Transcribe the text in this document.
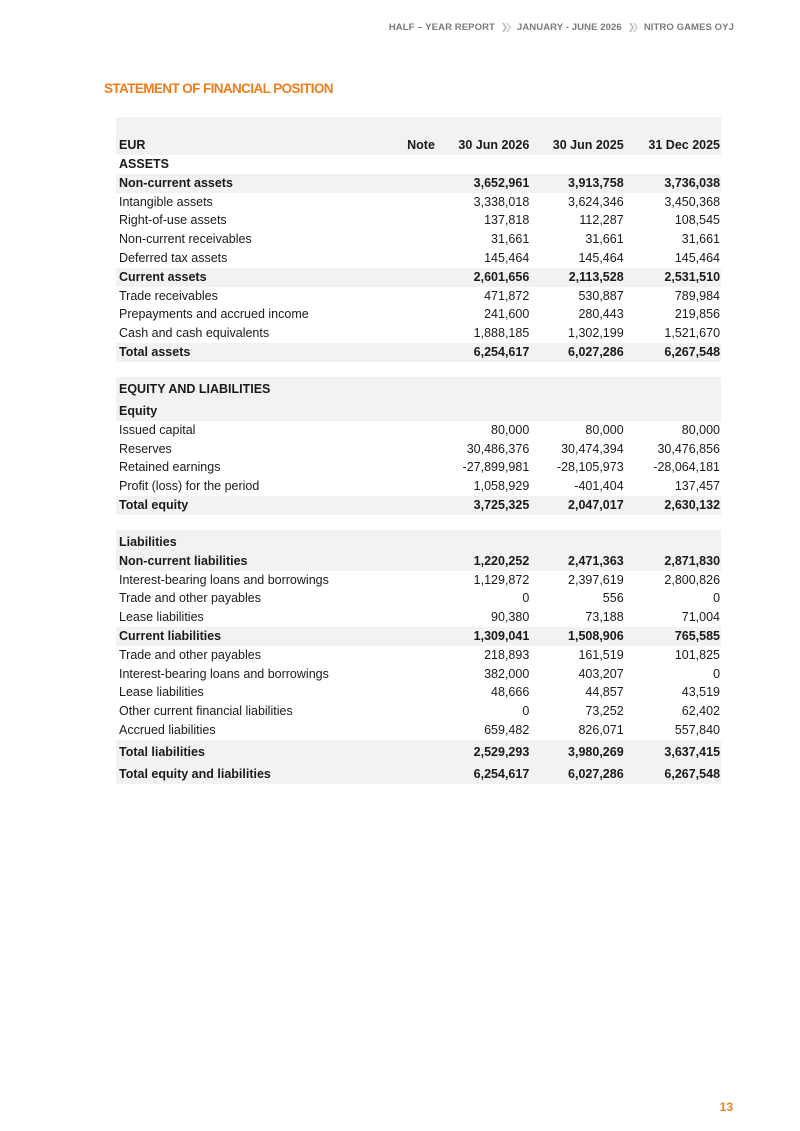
HALF – YEAR REPORT JANUARY - JUNE 2026 NITRO GAMES OYJ
STATEMENT OF FINANCIAL POSITION
EUR	Note	30 Jun 2026	30 Jun 2025	31 Dec 2025
ASSETS
Non-current assets	3,652,961	3,913,758	3,736,038
Intangible assets	3,338,018	3,624,346	3,450,368
Right-of-use assets	137,818	112,287	108,545
Non-current receivables	31,661	31,661	31,661
Deferred tax assets	145,464	145,464	145,464
Current assets	2,601,656	2,113,528	2,531,510
Trade receivables	471,872	530,887	789,984
Prepayments and accrued income	241,600	280,443	219,856
Cash and cash equivalents	1,888,185	1,302,199	1,521,670
Total assets	6,254,617	6,027,286	6,267,548
EQUITY AND LIABILITIES
Equity
Issued capital	80,000	80,000	80,000
Reserves	30,486,376	30,474,394	30,476,856
Retained earnings	-27,899,981	-28,105,973	-28,064,181
Profit (loss) for the period	1,058,929	-401,404	137,457
Total equity	3,725,325	2,047,017	2,630,132
Liabilities
Non-current liabilities	1,220,252	2,471,363	2,871,830
Interest-bearing loans and borrowings	1,129,872	2,397,619	2,800,826
Trade and other payables	0	556	0
Lease liabilities	90,380	73,188	71,004
Current liabilities	1,309,041	1,508,906	765,585
Trade and other payables	218,893	161,519	101,825
Interest-bearing loans and borrowings	382,000	403,207	0
Lease liabilities	48,666	44,857	43,519
Other current financial liabilities	0	73,252	62,402
Accrued liabilities	659,482	826,071	557,840
Total liabilities	2,529,293	3,980,269	3,637,415
Total equity and liabilities	6,254,617	6,027,286	6,267,548
13
